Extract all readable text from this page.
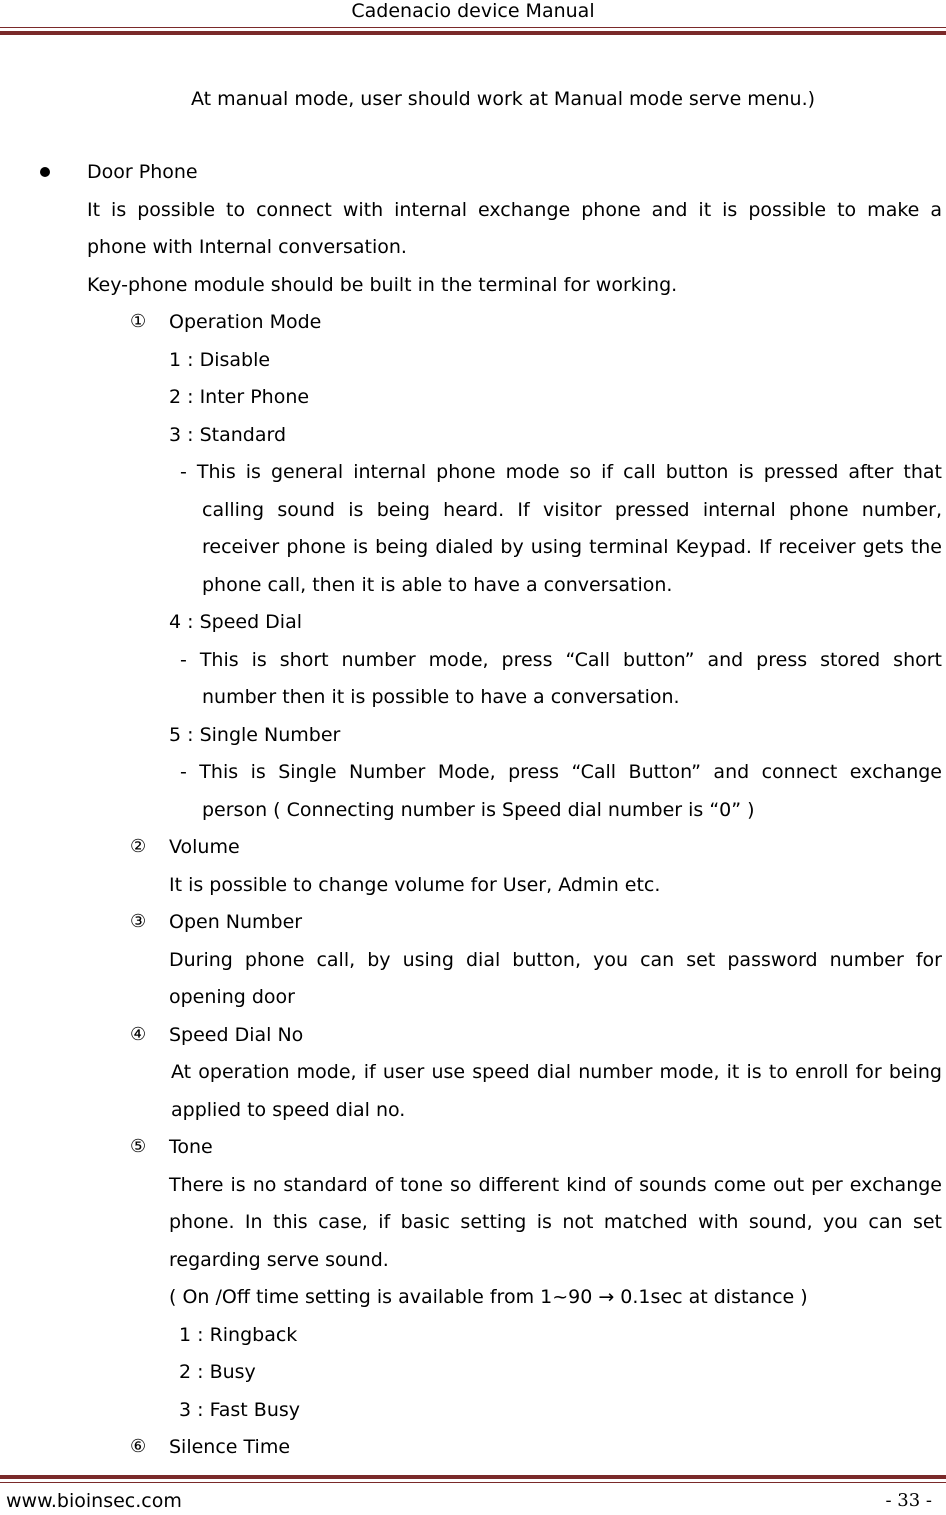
Cadenacio device Manual
At manual mode, user should work at Manual mode serve menu.)
Door Phone
It is possible to connect with internal exchange phone and it is possible to make a
phone with Internal conversation.
Key-phone module should be built in the terminal for working.
① Operation Mode
1 : Disable
2 : Inter Phone
3 : Standard
- This is general internal phone mode so if call button is pressed after that
calling sound is being heard. If visitor pressed internal phone number,
receiver phone is being dialed by using terminal Keypad. If receiver gets the
phone call, then it is able to have a conversation.
4 : Speed Dial
- This is short number mode, press “Call button” and press stored short
number then it is possible to have a conversation.
5 : Single Number
- This is Single Number Mode, press “Call Button” and connect exchange
person ( Connecting number is Speed dial number is “0” )
② Volume
It is possible to change volume for User, Admin etc.
③ Open Number
During phone call, by using dial button, you can set password number for
opening door
④ Speed Dial No
At operation mode, if user use speed dial number mode, it is to enroll for being
applied to speed dial no.
⑤ Tone
There is no standard of tone so different kind of sounds come out per exchange
phone. In this case, if basic setting is not matched with sound, you can set
regarding serve sound.
( On /Off time setting is available from 1~90 → 0.1sec at distance )
1 : Ringback
2 : Busy
3 : Fast Busy
⑥ Silence Time
www.bioinsec.com	- 33 -
